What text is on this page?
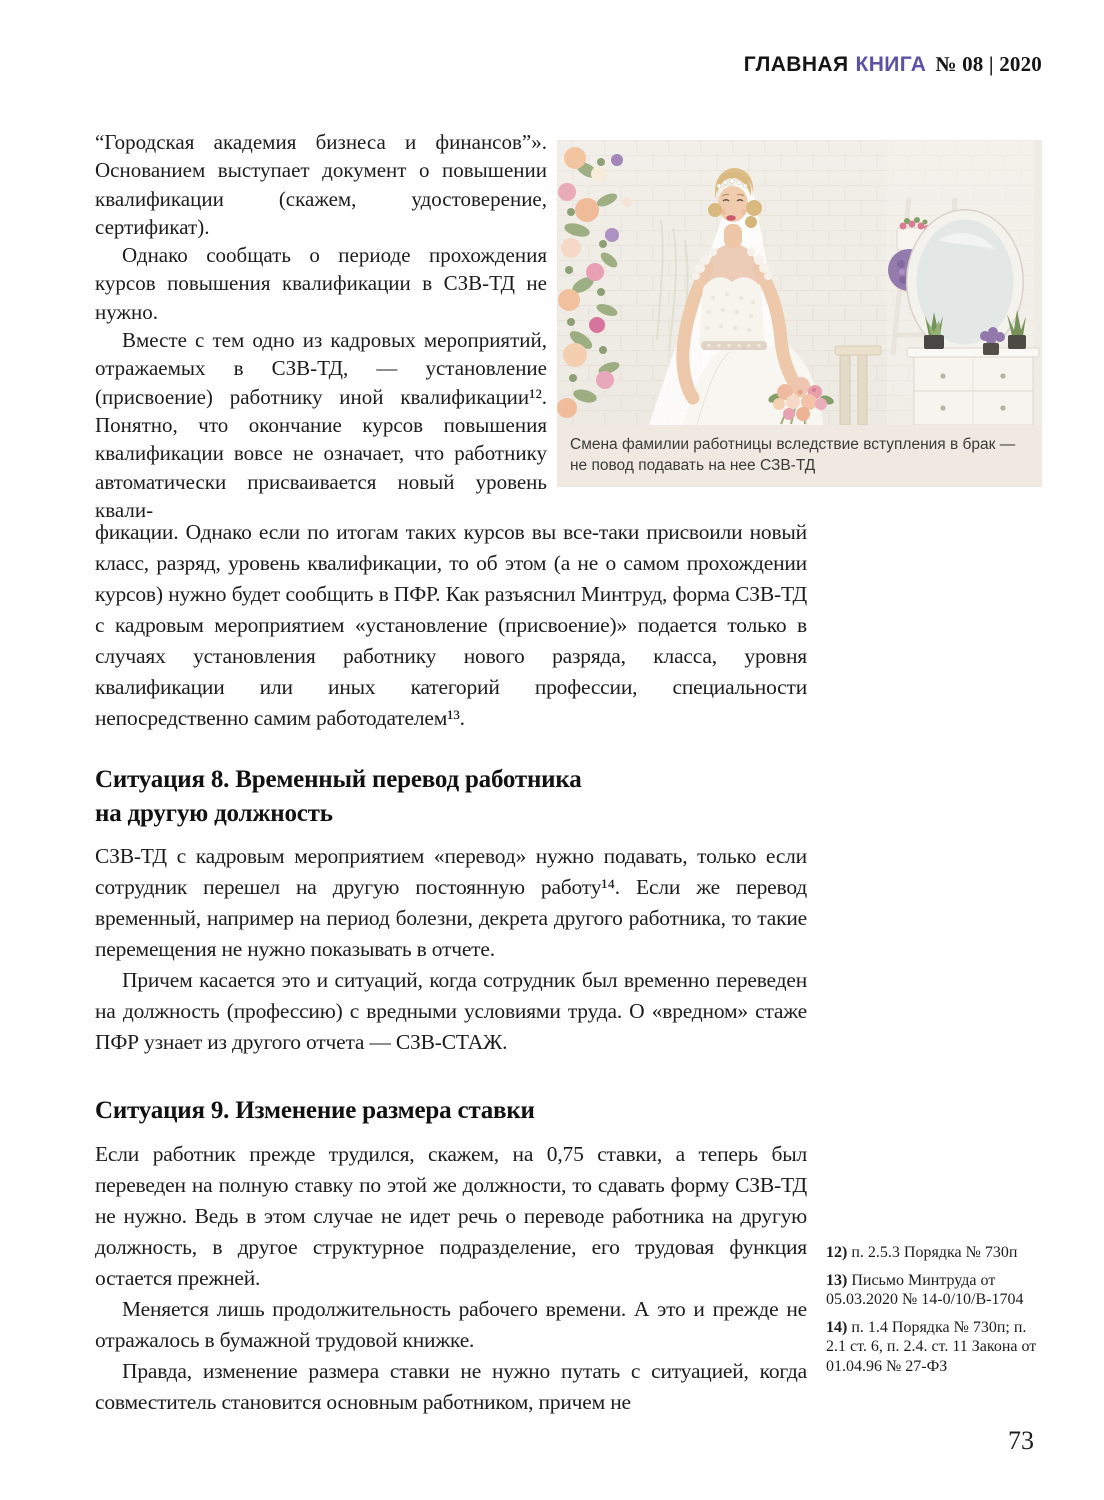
ГЛАВНАЯ КНИГА № 08 | 2020

“Городская академия бизнеса и финансов”». Основанием выступает документ о повышении квалификации (скажем, удостоверение, сертификат).

Однако сообщать о периоде прохождения курсов повышения квалификации в СЗВ-ТД не нужно.

Вместе с тем одно из кадровых мероприятий, отражаемых в СЗВ-ТД, — установление (присвоение) работнику иной квалификации¹². Понятно, что окончание курсов повышения квалификации вовсе не означает, что работнику автоматически присваивается новый уровень квали-

Смена фамилии работницы вследствие вступления в брак — не повод подавать на нее СЗВ-ТД

фикации. Однако если по итогам таких курсов вы все-таки присвоили новый класс, разряд, уровень квалификации, то об этом (а не о самом прохождении курсов) нужно будет сообщить в ПФР. Как разъяснил Минтруд, форма СЗВ-ТД с кадровым мероприятием «установление (присвоение)» подается только в случаях установления работнику нового разряда, класса, уровня квалификации или иных категорий профессии, специальности непосредственно самим работодателем¹³.

Ситуация 8. Временный перевод работника
на другую должность

СЗВ-ТД с кадровым мероприятием «перевод» нужно подавать, только если сотрудник перешел на другую постоянную работу¹⁴. Если же перевод временный, например на период болезни, декрета другого работника, то такие перемещения не нужно показывать в отчете.

Причем касается это и ситуаций, когда сотрудник был временно переведен на должность (профессию) с вредными условиями труда. О «вредном» стаже ПФР узнает из другого отчета — СЗВ-СТАЖ.

Ситуация 9. Изменение размера ставки

Если работник прежде трудился, скажем, на 0,75 ставки, а теперь был переведен на полную ставку по этой же должности, то сдавать форму СЗВ-ТД не нужно. Ведь в этом случае не идет речь о переводе работника на другую должность, в другое структурное подразделение, его трудовая функция остается прежней.

Меняется лишь продолжительность рабочего времени. А это и прежде не отражалось в бумажной трудовой книжке.

Правда, изменение размера ставки не нужно путать с ситуацией, когда совместитель становится основным работником, причем не

12) п. 2.5.3 Порядка № 730п

13) Письмо Минтруда от 05.03.2020 № 14-0/10/В-1704

14) п. 1.4 Порядка № 730п; п. 2.1 ст. 6, п. 2.4. ст. 11 Закона от 01.04.96 № 27-ФЗ

73
